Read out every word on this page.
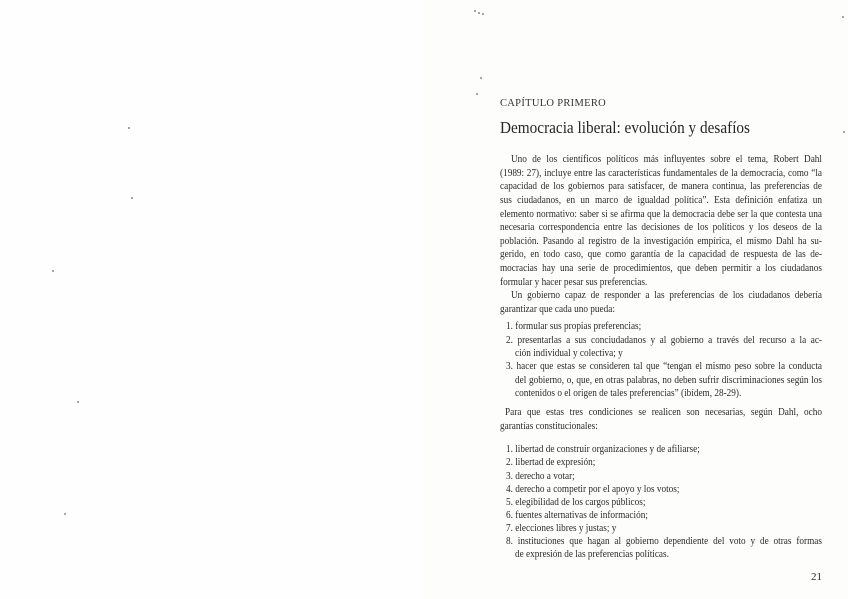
CAPÍTULO PRIMERO
Democracia liberal: evolución y desafíos
Uno de los científicos políticos más influyentes sobre el tema, Robert Dahl
(1989: 27), incluye entre las características fundamentales de la democracia, como “la
capacidad de los gobiernos para satisfacer, de manera continua, las preferencias de
sus ciudadanos, en un marco de igualdad política”. Esta definición enfatiza un
elemento normativo: saber si se afirma que la democracia debe ser la que contesta una
necesaria correspondencia entre las decisiones de los políticos y los deseos de la
población. Pasando al registro de la investigación empírica, el mismo Dahl ha su-
gerido, en todo caso, que como garantía de la capacidad de respuesta de las de-
mocracias hay una serie de procedimientos, que deben permitir a los ciudadanos
formular y hacer pesar sus preferencias.
Un gobierno capaz de responder a las preferencias de los ciudadanos debería
garantizar que cada uno pueda:
1. formular sus propias preferencias;
2. presentarlas a sus conciudadanos y al gobierno a través del recurso a la ac-
ción individual y colectiva; y
3. hacer que estas se consideren tal que “tengan el mismo peso sobre la conducta
del gobierno, o, que, en otras palabras, no deben sufrir discriminaciones según los
contenidos o el origen de tales preferencias” (ibídem, 28-29).
Para que estas tres condiciones se realicen son necesarias, según Dahl, ocho
garantías constitucionales:
1. libertad de construir organizaciones y de afiliarse;
2. libertad de expresión;
3. derecho a votar;
4. derecho a competir por el apoyo y los votos;
5. elegibilidad de los cargos públicos;
6. fuentes alternativas de información;
7. elecciones libres y justas; y
8. instituciones que hagan al gobierno dependiente del voto y de otras formas
de expresión de las preferencias políticas.
21
